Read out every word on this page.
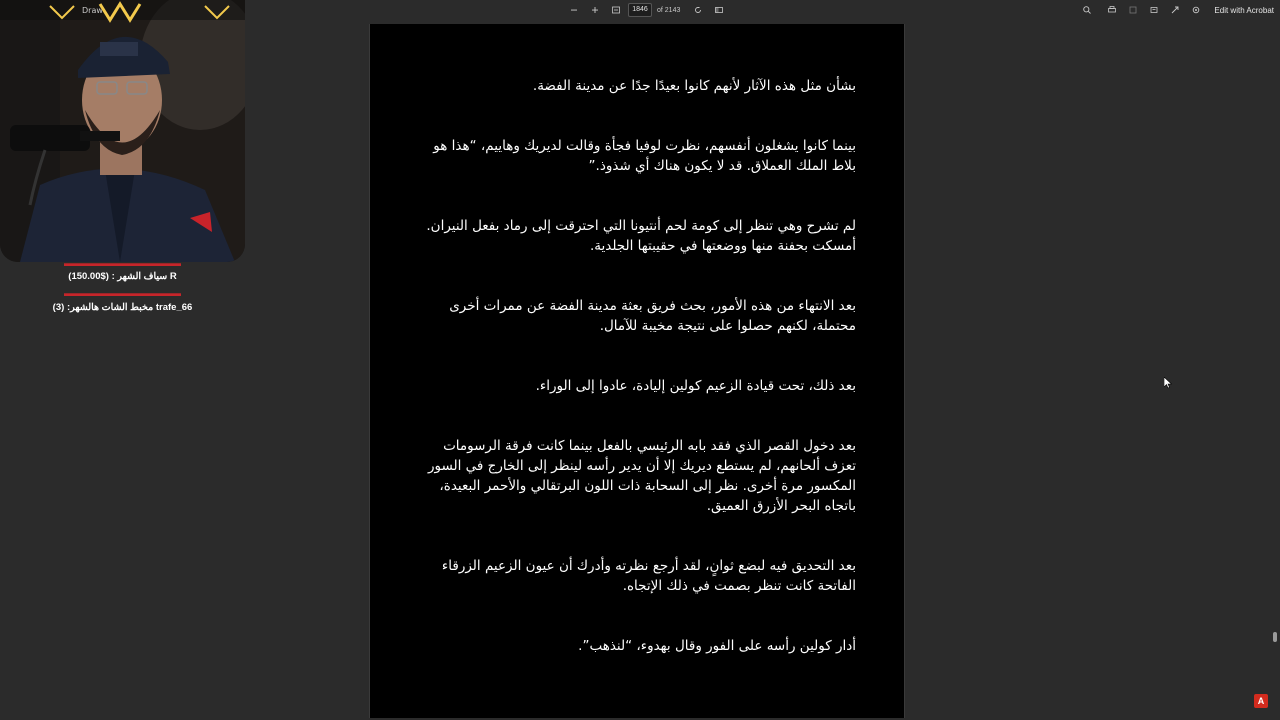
1846	of 2143	Edit with Acrobat

بشأن مثل هذه الآثار لأنهم كانوا بعيدًا جدًا عن مدينة الفضة.

بينما كانوا يشغلون أنفسهم، نظرت لوفيا فجأة وقالت لديريك وهاييم، “هذا هو بلاط الملك العملاق. قد لا يكون هناك أي شذوذ.”

لم تشرح وهي تنظر إلى كومة لحم أنتيونا التي احترقت إلى رماد بفعل النيران. أمسكت بحفنة منها ووضعتها في حقيبتها الجلدية.

بعد الانتهاء من هذه الأمور، بحث فريق بعثة مدينة الفضة عن ممرات أخرى محتملة، لكنهم حصلوا على نتيجة مخيبة للآمال.

بعد ذلك، تحت قيادة الزعيم كولين إليادة، عادوا إلى الوراء.

بعد دخول القصر الذي فقد بابه الرئيسي بالفعل بينما كانت فرقة الرسومات تعزف ألحانهم، لم يستطع ديريك إلا أن يدير رأسه لينظر إلى الخارج في السور المكسور مرة أخرى. نظر إلى السحابة ذات اللون البرتقالي والأحمر البعيدة، باتجاه البحر الأزرق العميق.

بعد التحديق فيه لبضع ثوانٍ، لقد أرجع نظرته وأدرك أن عيون الزعيم الزرقاء الفاتحة كانت تنظر بصمت في ذلك الإتجاه.

أدار كولين رأسه على الفور وقال بهدوء، “لنذهب”.

A
Draw
▬▬▬▬▬▬▬▬▬▬▬▬▬
سياف الشهر : ($150.00) R
▬▬▬▬▬▬▬▬▬▬▬▬▬
مخبط الشات هالشهر: (3) trafe_66
